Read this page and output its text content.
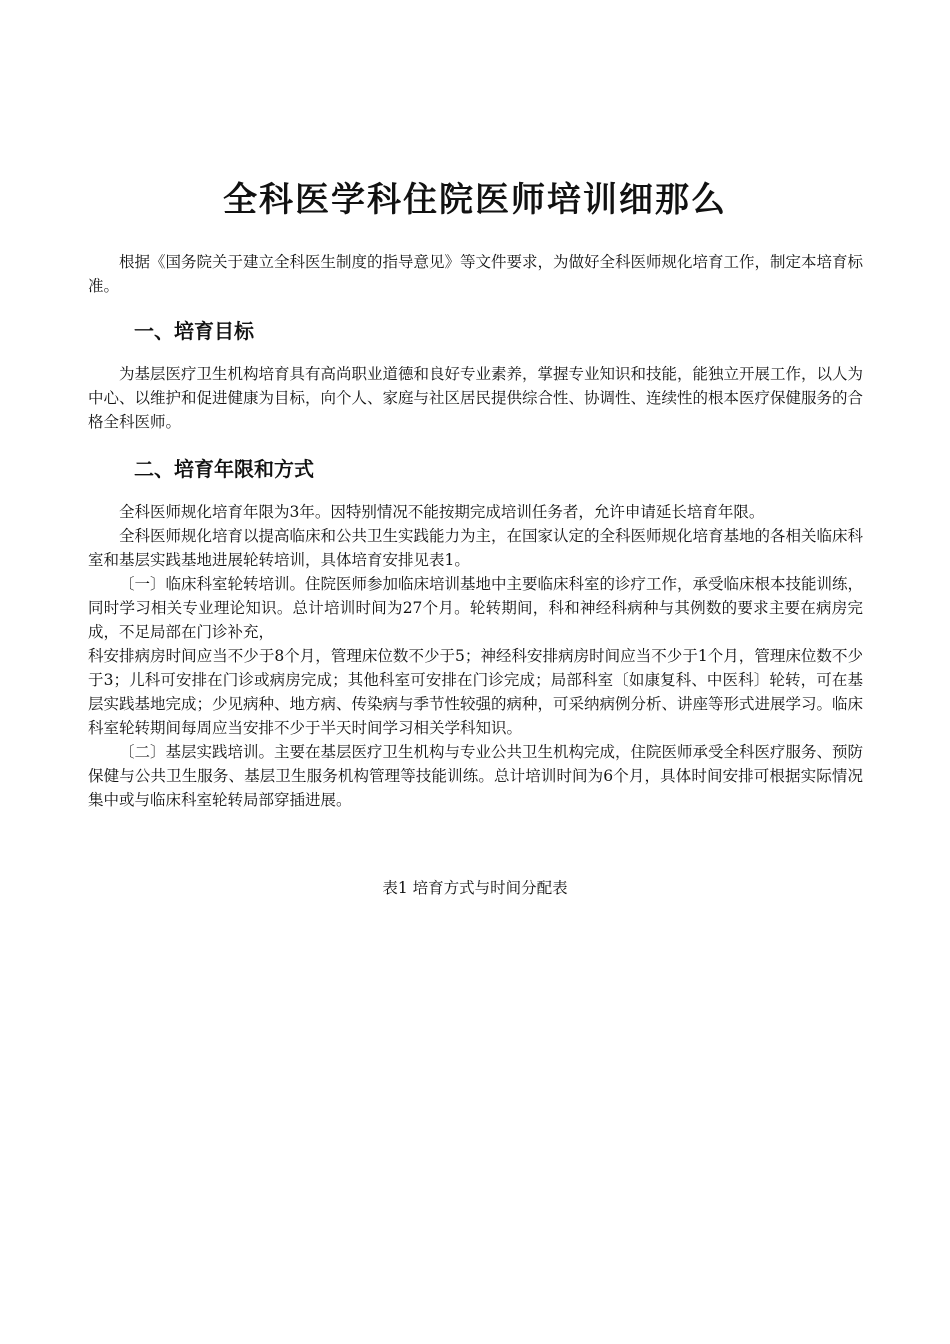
全科医学科住院医师培训细那么

根据《国务院关于建立全科医生制度的指导意见》等文件要求，为做好全科医师规化培育工作，制定本培育标准。

一、培育目标

为基层医疗卫生机构培育具有高尚职业道德和良好专业素养，掌握专业知识和技能，能独立开展工作，以人为中心、以维护和促进健康为目标，向个人、家庭与社区居民提供综合性、协调性、连续性的根本医疗保健服务的合格全科医师。

二、培育年限和方式

全科医师规化培育年限为3年。因特别情况不能按期完成培训任务者，允许申请延长培育年限。

全科医师规化培育以提高临床和公共卫生实践能力为主，在国家认定的全科医师规化培育基地的各相关临床科室和基层实践基地进展轮转培训，具体培育安排见表1。

〔一〕临床科室轮转培训。住院医师参加临床培训基地中主要临床科室的诊疗工作，承受临床根本技能训练，同时学习相关专业理论知识。总计培训时间为27个月。轮转期间，科和神经科病种与其例数的要求主要在病房完成，不足局部在门诊补充，

科安排病房时间应当不少于8个月，管理床位数不少于5；神经科安排病房时间应当不少于1个月，管理床位数不少于3；儿科可安排在门诊或病房完成；其他科室可安排在门诊完成；局部科室〔如康复科、中医科〕轮转，可在基层实践基地完成；少见病种、地方病、传染病与季节性较强的病种，可采纳病例分析、讲座等形式进展学习。临床科室轮转期间每周应当安排不少于半天时间学习相关学科知识。

〔二〕基层实践培训。主要在基层医疗卫生机构与专业公共卫生机构完成，住院医师承受全科医疗服务、预防保健与公共卫生服务、基层卫生服务机构管理等技能训练。总计培训时间为6个月，具体时间安排可根据实际情况集中或与临床科室轮转局部穿插进展。

表1 培育方式与时间分配表
